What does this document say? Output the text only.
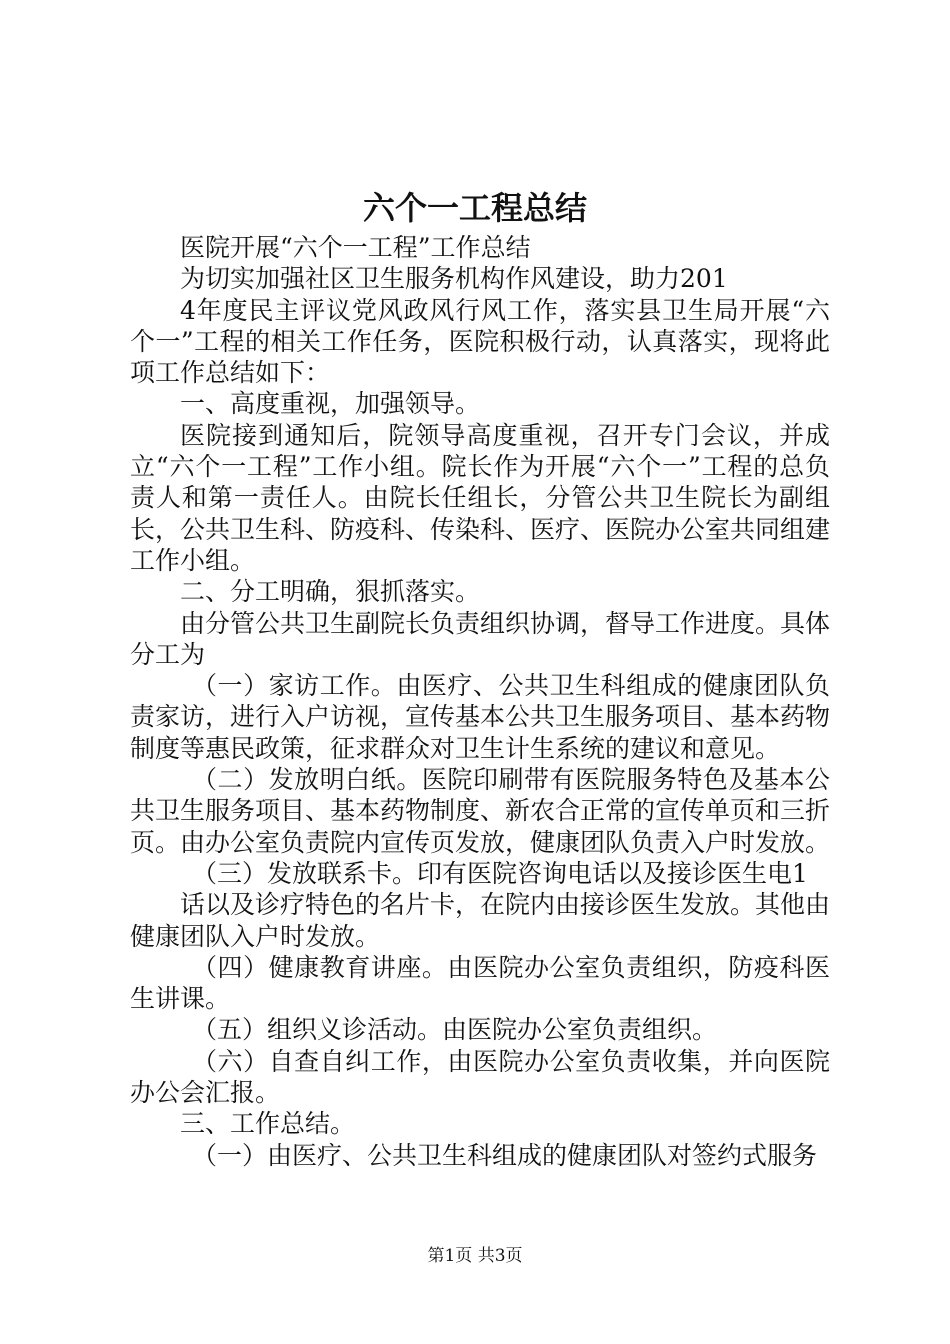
六个一工程总结

医院开展“六个一工程”工作总结

为切实加强社区卫生服务机构作风建设，助力201

4年度民主评议党风政风行风工作，落实县卫生局开展“六个一”工程的相关工作任务，医院积极行动，认真落实，现将此项工作总结如下：

一、高度重视，加强领导。

医院接到通知后，院领导高度重视，召开专门会议，并成立“六个一工程”工作小组。院长作为开展“六个一”工程的总负责人和第一责任人。由院长任组长，分管公共卫生院长为副组长，公共卫生科、防疫科、传染科、医疗、医院办公室共同组建工作小组。

二、分工明确，狠抓落实。

由分管公共卫生副院长负责组织协调，督导工作进度。具体分工为

（一）家访工作。由医疗、公共卫生科组成的健康团队负责家访，进行入户访视，宣传基本公共卫生服务项目、基本药物制度等惠民政策，征求群众对卫生计生系统的建议和意见。

（二）发放明白纸。医院印刷带有医院服务特色及基本公共卫生服务项目、基本药物制度、新农合正常的宣传单页和三折页。由办公室负责院内宣传页发放，健康团队负责入户时发放。

（三）发放联系卡。印有医院咨询电话以及接诊医生电1

话以及诊疗特色的名片卡，在院内由接诊医生发放。其他由健康团队入户时发放。

（四）健康教育讲座。由医院办公室负责组织，防疫科医生讲课。

（五）组织义诊活动。由医院办公室负责组织。

（六）自查自纠工作，由医院办公室负责收集，并向医院办公会汇报。

三、工作总结。

（一）由医疗、公共卫生科组成的健康团队对签约式服务

第1页 共3页
